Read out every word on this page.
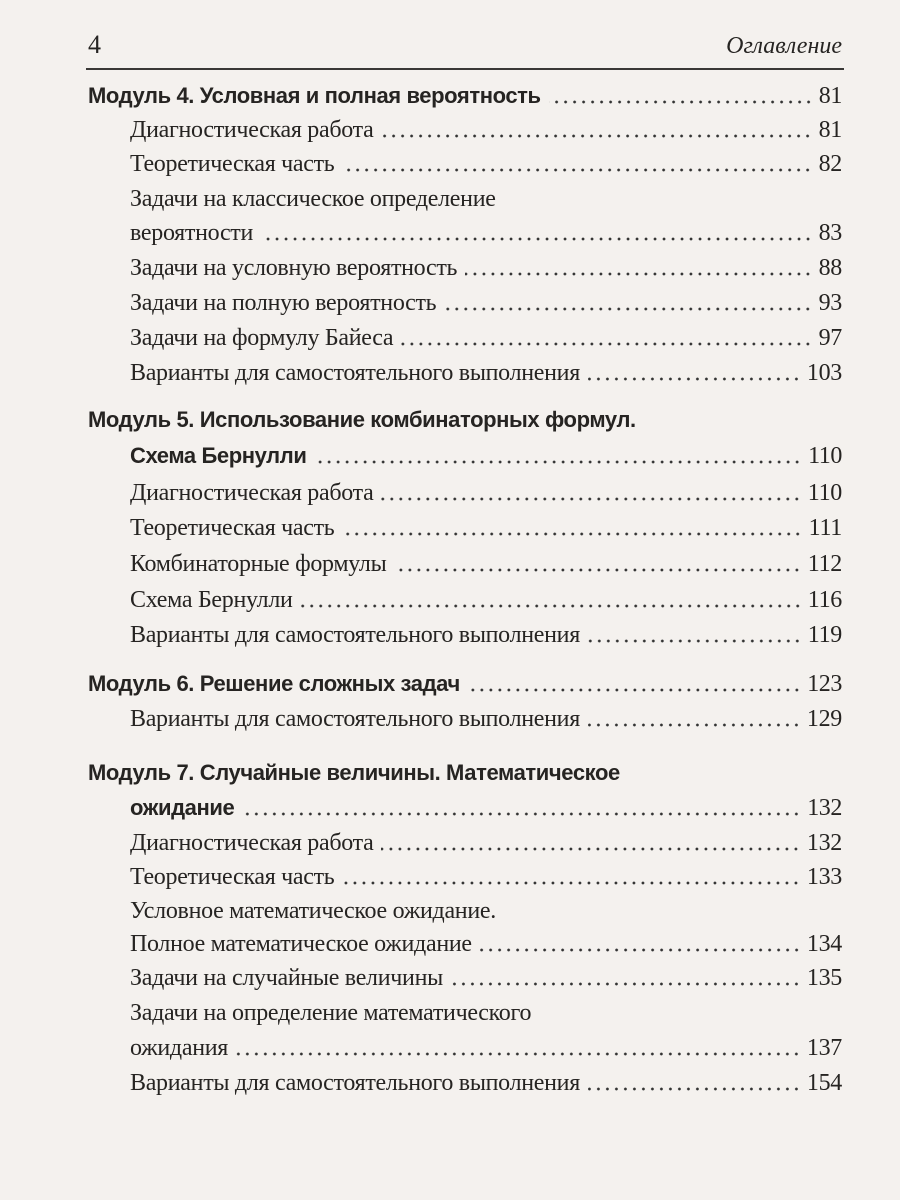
4	Оглавление
Модуль 4. Условная и полная вероятность	81
Диагностическая работа	81
Теоретическая часть	82
Задачи на классическое определение
вероятности	83
Задачи на условную вероятность	88
Задачи на полную вероятность	93
Задачи на формулу Байеса	97
Варианты для самостоятельного выполнения	103
Модуль 5. Использование комбинаторных формул.
Схема Бернулли	110
Диагностическая работа	110
Теоретическая часть	111
Комбинаторные формулы	112
Схема Бернулли	116
Варианты для самостоятельного выполнения	119
Модуль 6. Решение сложных задач	123
Варианты для самостоятельного выполнения	129
Модуль 7. Случайные величины. Математическое
ожидание	132
Диагностическая работа	132
Теоретическая часть	133
Условное математическое ожидание.
Полное математическое ожидание	134
Задачи на случайные величины	135
Задачи на определение математического
ожидания	137
Варианты для самостоятельного выполнения	154
